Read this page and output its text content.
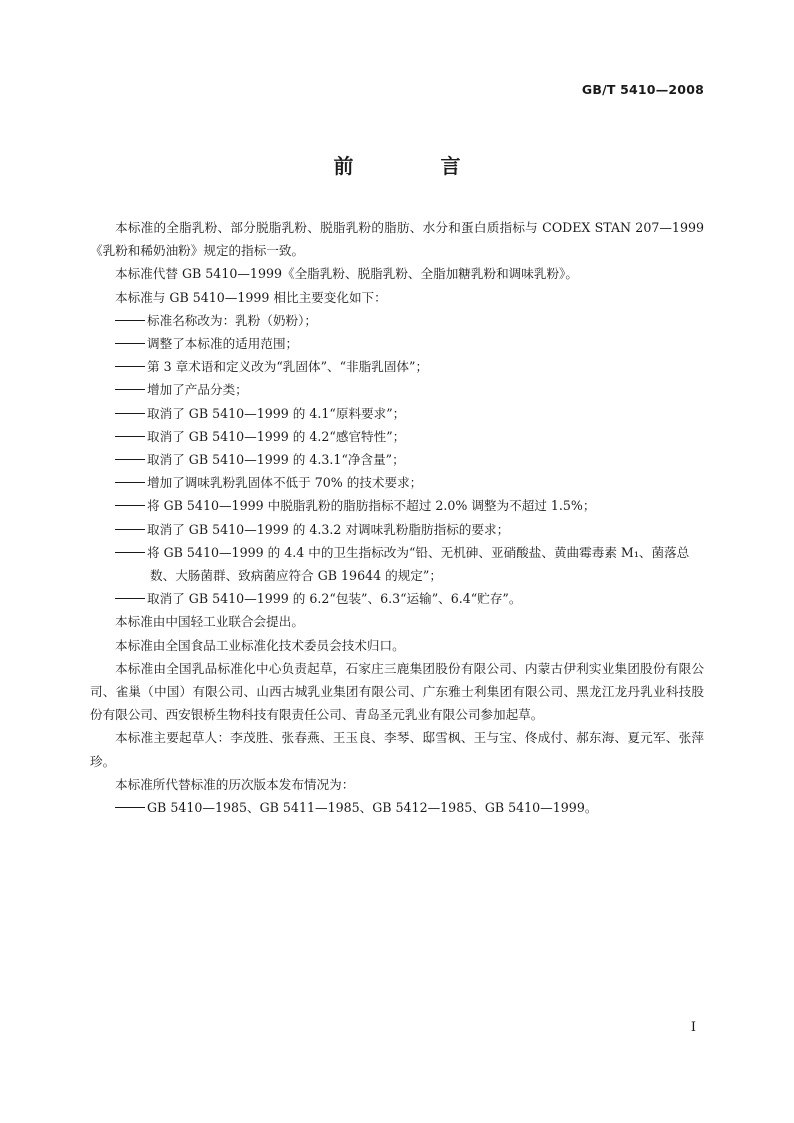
GB/T 5410—2008
前 言

本标准的全脂乳粉、部分脱脂乳粉、脱脂乳粉的脂肪、水分和蛋白质指标与 CODEX STAN 207—1999《乳粉和稀奶油粉》规定的指标一致。

本标准代替 GB 5410—1999《全脂乳粉、脱脂乳粉、全脂加糖乳粉和调味乳粉》。

本标准与 GB 5410—1999 相比主要变化如下：

标准名称改为：乳粉（奶粉）；

调整了本标准的适用范围；

第 3 章术语和定义改为“乳固体”、“非脂乳固体”；

增加了产品分类；

取消了 GB 5410—1999 的 4.1“原料要求”；

取消了 GB 5410—1999 的 4.2“感官特性”；

取消了 GB 5410—1999 的 4.3.1“净含量”；

增加了调味乳粉乳固体不低于 70% 的技术要求；

将 GB 5410—1999 中脱脂乳粉的脂肪指标不超过 2.0% 调整为不超过 1.5%；

取消了 GB 5410—1999 的 4.3.2 对调味乳粉脂肪指标的要求；

将 GB 5410—1999 的 4.4 中的卫生指标改为“铅、无机砷、亚硝酸盐、黄曲霉毒素 M₁、菌落总

数、大肠菌群、致病菌应符合 GB 19644 的规定”；

取消了 GB 5410—1999 的 6.2“包装”、6.3“运输”、6.4“贮存”。

本标准由中国轻工业联合会提出。

本标准由全国食品工业标准化技术委员会技术归口。

本标准由全国乳品标准化中心负责起草，石家庄三鹿集团股份有限公司、内蒙古伊利实业集团股份有限公司、雀巢（中国）有限公司、山西古城乳业集团有限公司、广东雅士利集团有限公司、黑龙江龙丹乳业科技股份有限公司、西安银桥生物科技有限责任公司、青岛圣元乳业有限公司参加起草。

本标准主要起草人：李茂胜、张春燕、王玉良、李琴、邸雪枫、王与宝、佟成付、郝东海、夏元军、张萍珍。

本标准所代替标准的历次版本发布情况为：

GB 5410—1985、GB 5411—1985、GB 5412—1985、GB 5410—1999。

I
